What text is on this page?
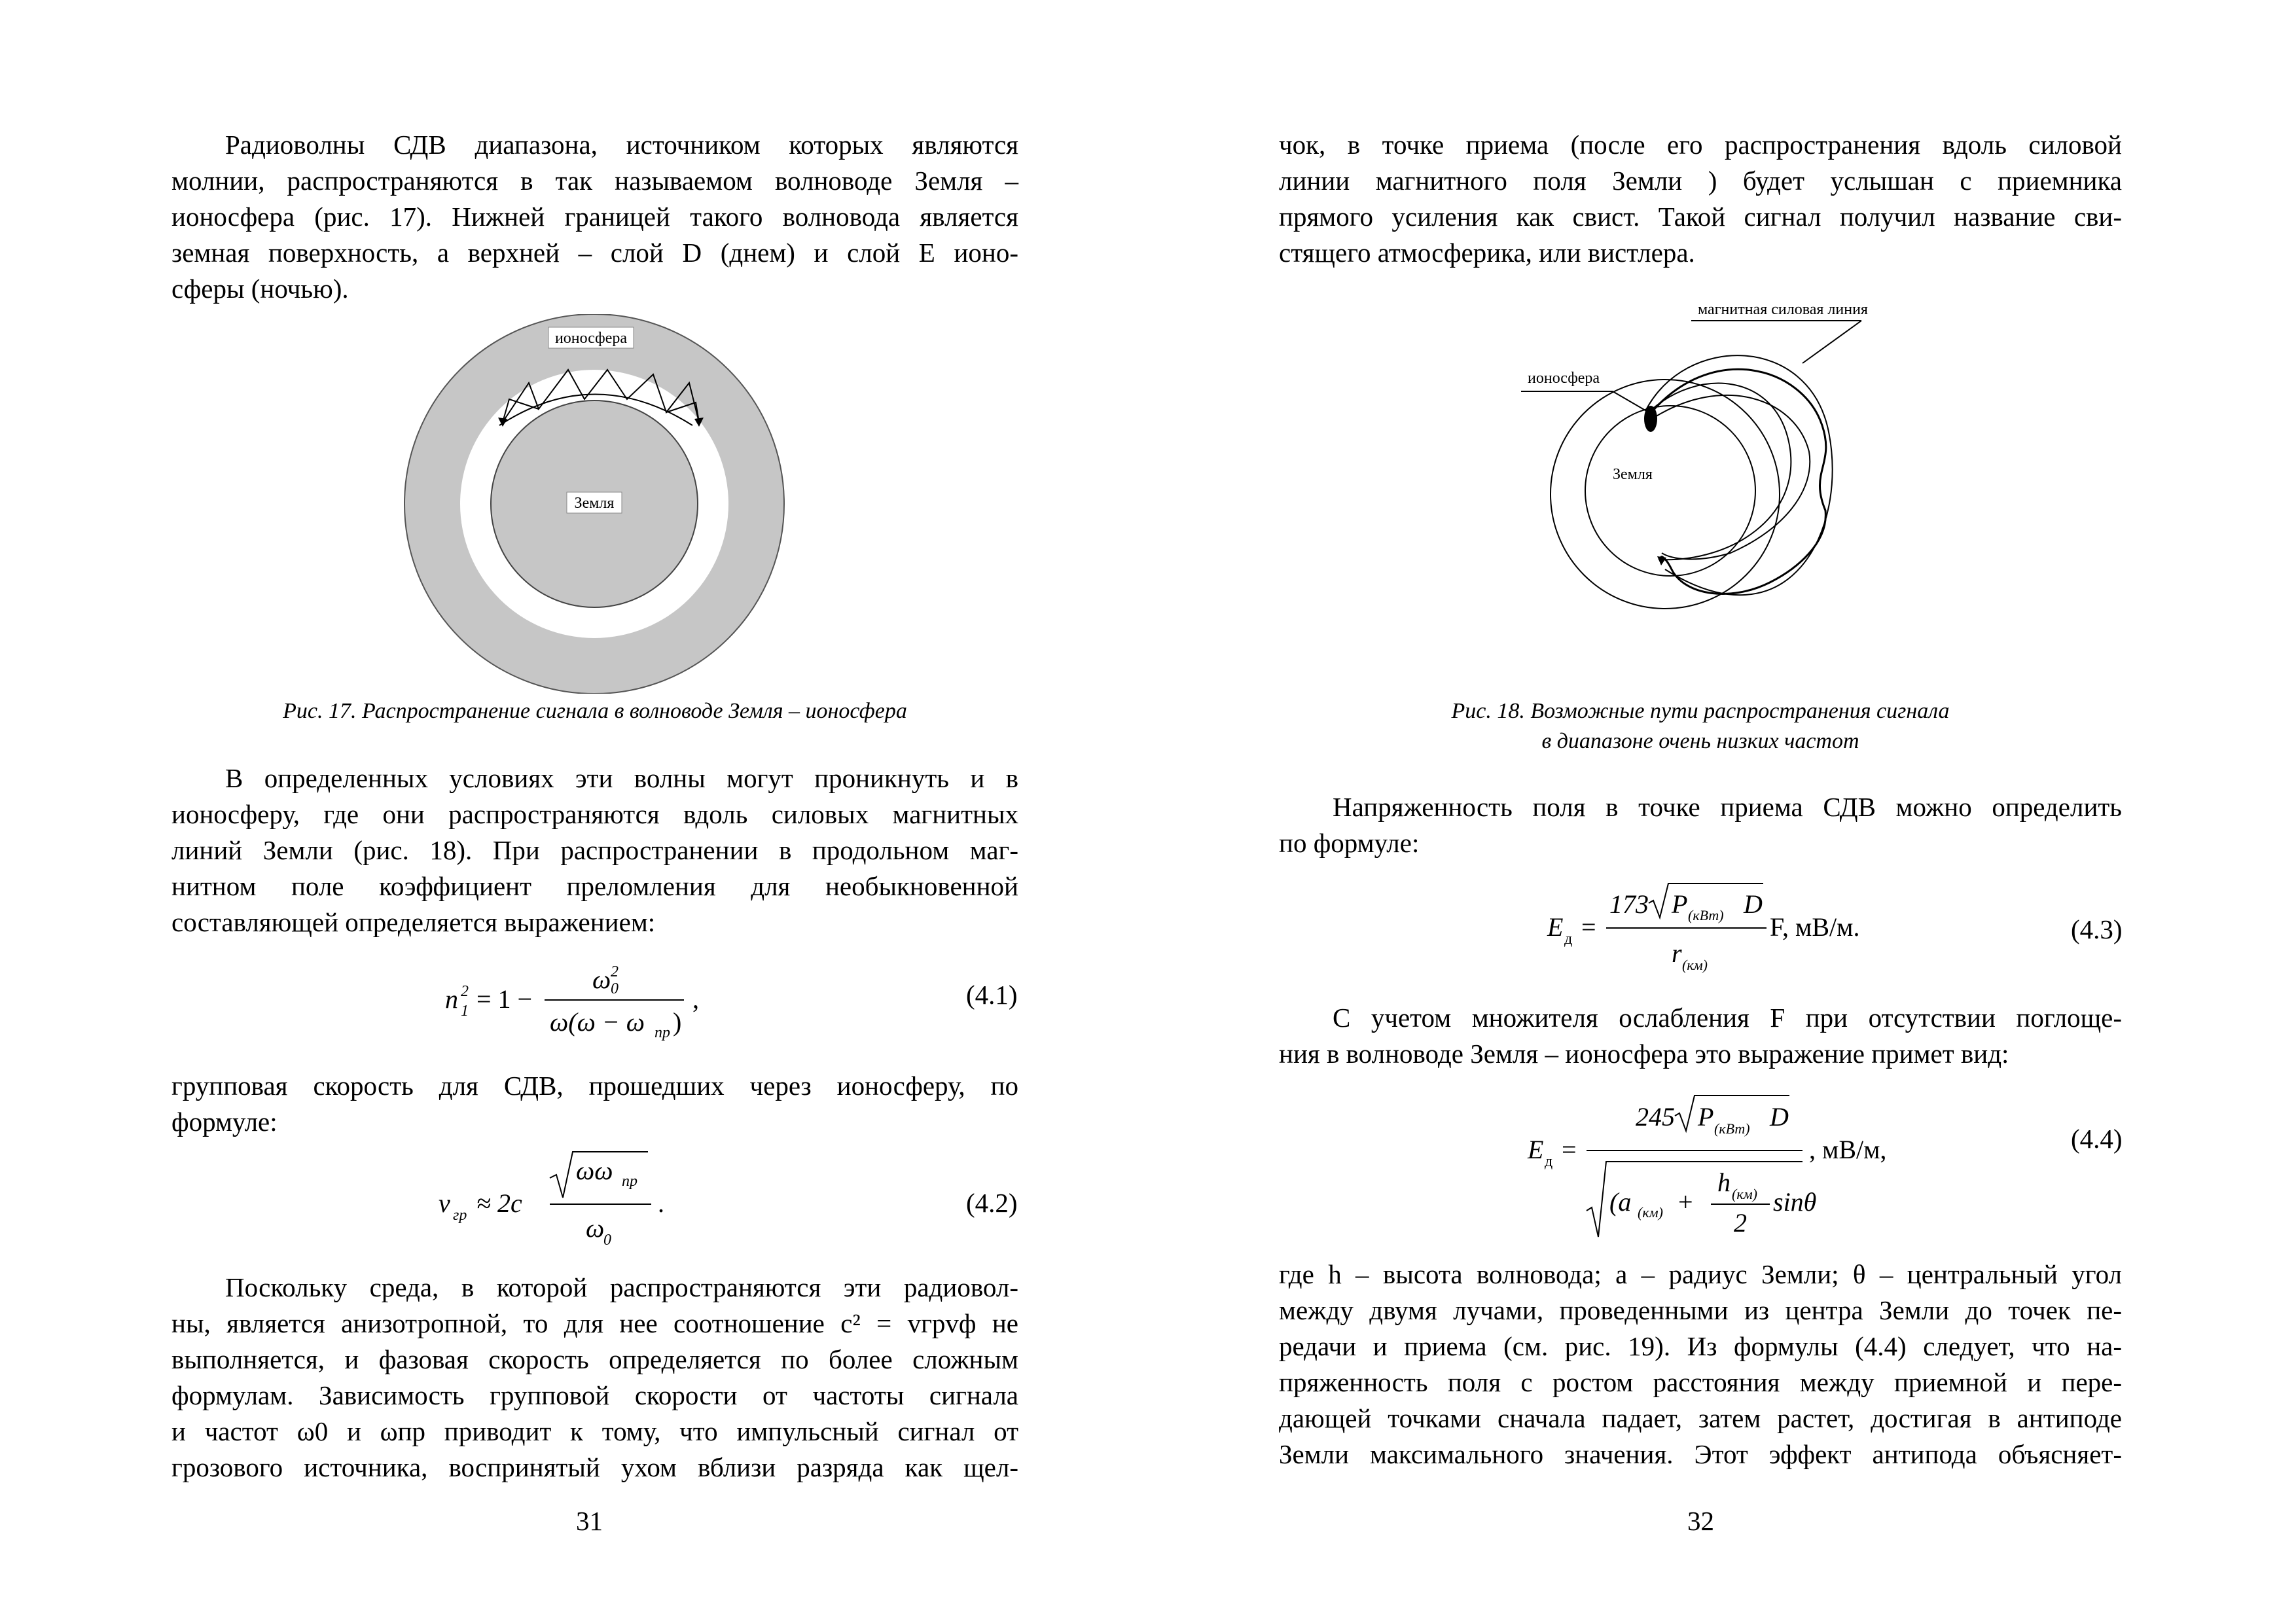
Радиоволны СДВ диапазона, источником которых являются
молнии, распространяются в так называемом волноводе Земля –
ионосфера (рис. 17). Нижней границей такого волновода является
земная поверхность, а верхней – слой D (днем) и слой E ионо-
сферы (ночью).
ионосфера
Земля
Рис. 17. Распространение сигнала в волноводе Земля – ионосфера
В определенных условиях эти волны могут проникнуть и в
ионосферу, где они распространяются вдоль силовых магнитных
линий Земли (рис. 18). При распространении в продольном маг-
нитном поле коэффициент преломления для необыкновенной
составляющей определяется выражением:
n 2
1 = 1 −
ω 2
0
ω(ω − ω пр )
,	(4.1)
групповая скорость для СДВ, прошедших через ионосферу, по
формуле:
v гр ≈ 2c
ωω пр
ω
0
.	(4.2)
Поскольку среда, в которой распространяются эти радиовол-
ны, является анизотропной, то для нее соотношение c² = vгрvф не
выполняется, и фазовая скорость определяется по более сложным
формулам. Зависимость групповой скорости от частоты сигнала
и частот ω0 и ωпр приводит к тому, что импульсный сигнал от
грозового источника, воспринятый ухом вблизи разряда как щел-
31
чок, в точке приема (после его распространения вдоль силовой
линии магнитного поля Земли ) будет услышан с приемника
прямого усиления как свист. Такой сигнал получил название сви-
стящего атмосферика, или вистлера.
магнитная силовая линия
ионосфера
Земля
Рис. 18. Возможные пути распространения сигнала
в диапазоне очень низких частот
Напряженность поля в точке приема СДВ можно определить
по формуле:
E д =
173 P (кВт) D
r (км)
F, мВ/м.	(4.3)
С учетом множителя ослабления F при отсутствии поглоще-
ния в волноводе Земля – ионосфера это выражение примет вид:
E д =
245 P (кВт) D
(a (км) +
h (км)
2
sinθ
, мВ/м,	(4.4)
где h – высота волновода; a – радиус Земли; θ – центральный угол
между двумя лучами, проведенными из центра Земли до точек пе-
редачи и приема (см. рис. 19). Из формулы (4.4) следует, что на-
пряженность поля с ростом расстояния между приемной и пере-
дающей точками сначала падает, затем растет, достигая в антиподе
Земли максимального значения. Этот эффект антипода объясняет-
32
